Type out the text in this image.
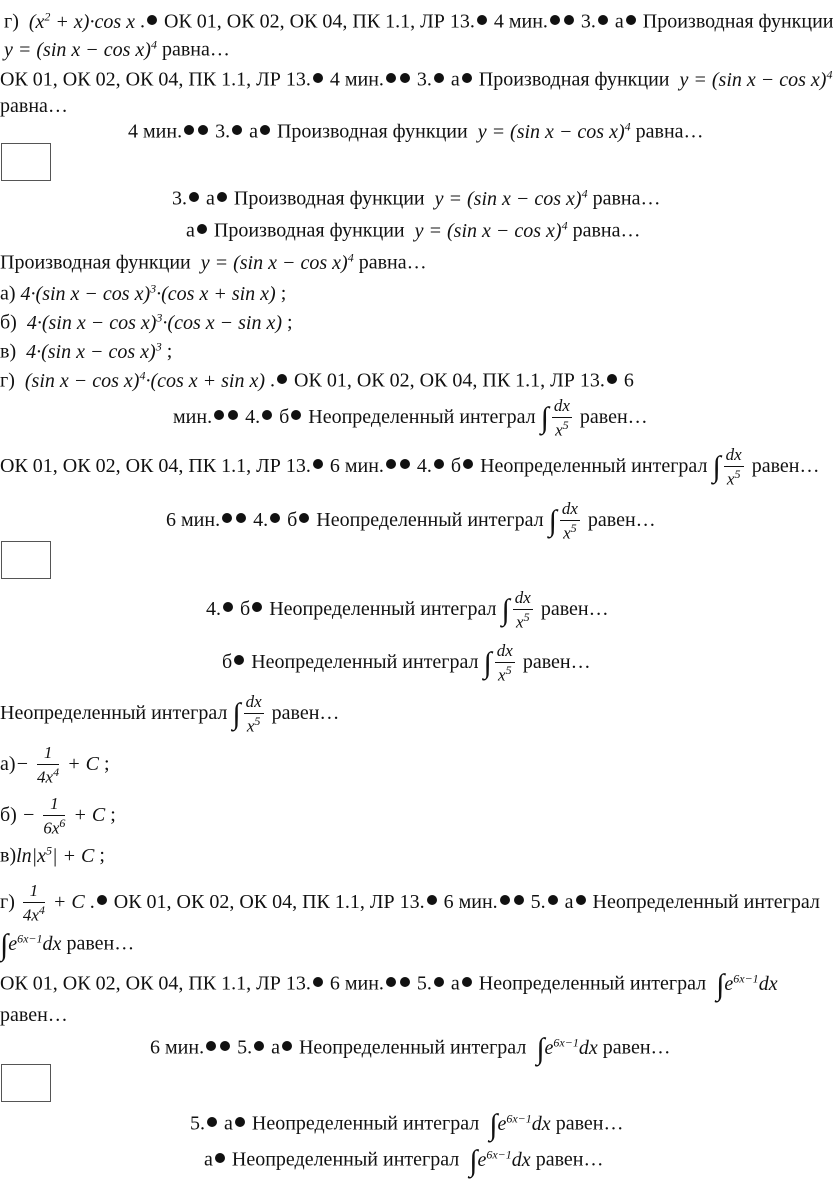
г)  $(x^2 + x)\cdot\cos$ x . ОК 01, ОК 02, ОК 04, ПК 1.1, ЛР 13. 4 мин. 3. а Производная функции
y = (sin x − cos x)$^4$ равна…
ОК 01, ОК 02, ОК 04, ПК 1.1, ЛР 13. 4 мин. 3. а Производная функции  y = (sin x − cos x)$^4$
равна…
4 мин. 3. а Производная функции  y = (sin x − cos x)$^4$ равна…
3. а Производная функции  y = (sin x − cos x)$^4$ равна…
а Производная функции  y = (sin x − cos x)$^4$ равна…
Производная функции  y = (sin x − cos x)$^4$ равна…
а) 4·(sin x − cos x)$^3$·(cos x + sin x) ;
б)  4·(sin x − cos x)$^3$·(cos x − sin x) ;
в)  4·(sin x − cos x)$^3$ ;
г)  (sin x − cos x)$^4$·(cos x + sin x) . ОК 01, ОК 02, ОК 04, ПК 1.1, ЛР 13. 6
мин. 4. б Неопределенный интеграл ∫ $\frac{dx}{x^5}$ равен…
ОК 01, ОК 02, ОК 04, ПК 1.1, ЛР 13. 6 мин. 4. б Неопределенный интеграл ∫ $\frac{dx}{x^5}$ равен…
6 мин. 4. б Неопределенный интеграл ∫ $\frac{dx}{x^5}$ равен…
4. б Неопределенный интеграл ∫ $\frac{dx}{x^5}$ равен…
б Неопределенный интеграл ∫ $\frac{dx}{x^5}$ равен…
Неопределенный интеграл ∫ $\frac{dx}{x^5}$ равен…
$а)- \frac{1}{4x^4} + C$ ;
$б) - \frac{1}{6x^6} + C$ ;
$в)\ln|x^5| + C$ ;
$г) \frac{1}{4x^4} + C$ . ОК 01, ОК 02, ОК 04, ПК 1.1, ЛР 13. 6 мин. 5. а Неопределенный интеграл
$\int e^{6x-1}dx$ равен…
ОК 01, ОК 02, ОК 04, ПК 1.1, ЛР 13. 6 мин. 5. а Неопределенный интеграл $\int e^{6x-1}dx$
равен…
6 мин. 5. а Неопределенный интеграл $\int e^{6x-1}dx$ равен…
5. а Неопределенный интеграл $\int e^{6x-1}dx$ равен…
а Неопределенный интеграл $\int e^{6x-1}dx$ равен…
